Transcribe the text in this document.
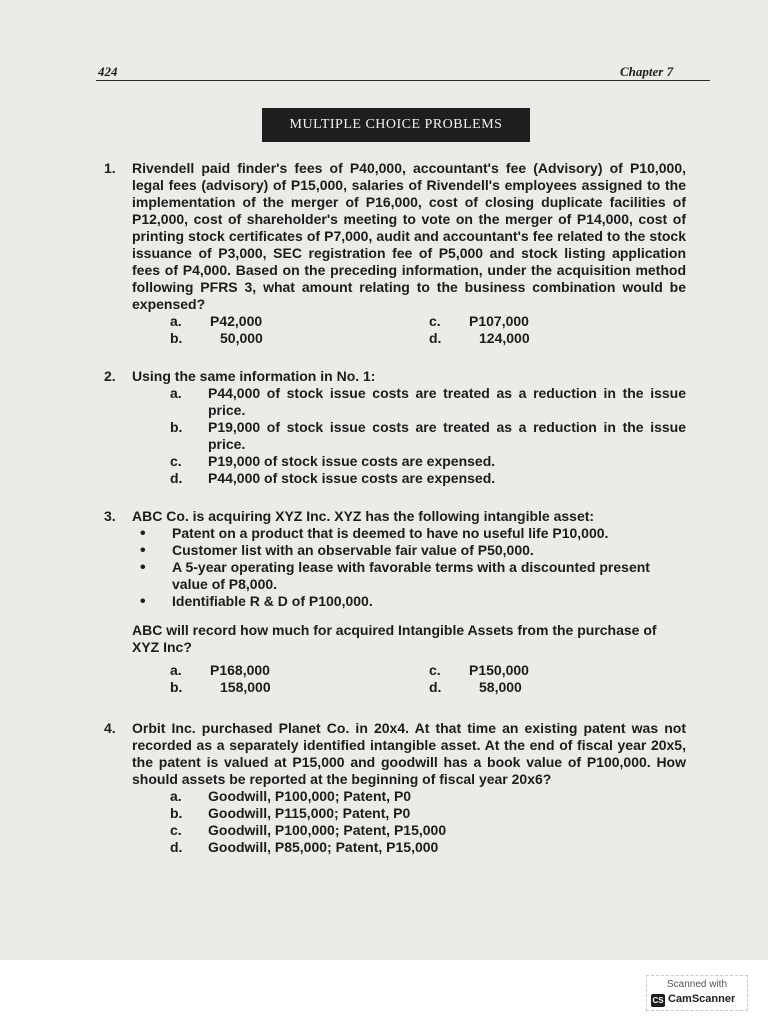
424	Chapter 7
MULTIPLE CHOICE PROBLEMS
1. Rivendell paid finder's fees of P40,000, accountant's fee (Advisory) of P10,000, legal fees (advisory) of P15,000, salaries of Rivendell's employees assigned to the implementation of the merger of P16,000, cost of closing duplicate facilities of P12,000, cost of shareholder's meeting to vote on the merger of P14,000, cost of printing stock certificates of P7,000, audit and accountant's fee related to the stock issuance of P3,000, SEC registration fee of P5,000 and stock listing application fees of P4,000. Based on the preceding information, under the acquisition method following PFRS 3, what amount relating to the business combination would be expensed?
a. P42,000
b.	50,000
c. P107,000
d.	124,000
2. Using the same information in No. 1:
a.	P44,000 of stock issue costs are treated as a reduction in the issue price.
b.	P19,000 of stock issue costs are treated as a reduction in the issue price.
c.	P19,000 of stock issue costs are expensed.
d.	P44,000 of stock issue costs are expensed.
3. ABC Co. is acquiring XYZ Inc. XYZ has the following intangible asset:
•
Patent on a product that is deemed to have no useful life P10,000.
•
Customer list with an observable fair value of P50,000.
•
A 5-year operating lease with favorable terms with a discounted present value of P8,000.
•
Identifiable R & D of P100,000.
ABC will record how much for acquired Intangible Assets from the purchase of XYZ Inc?
a. P168,000
b.	158,000
c. P150,000
d.	58,000
4. Orbit Inc. purchased Planet Co. in 20x4. At that time an existing patent was not recorded as a separately identified intangible asset. At the end of fiscal year 20x5, the patent is valued at P15,000 and goodwill has a book value of P100,000. How should assets be reported at the beginning of fiscal year 20x6?
a.	Goodwill, P100,000; Patent, P0
b.	Goodwill, P115,000; Patent, P0
c.	Goodwill, P100,000; Patent, P15,000
d.	Goodwill, P85,000; Patent, P15,000
Scanned with
CS CamScanner
